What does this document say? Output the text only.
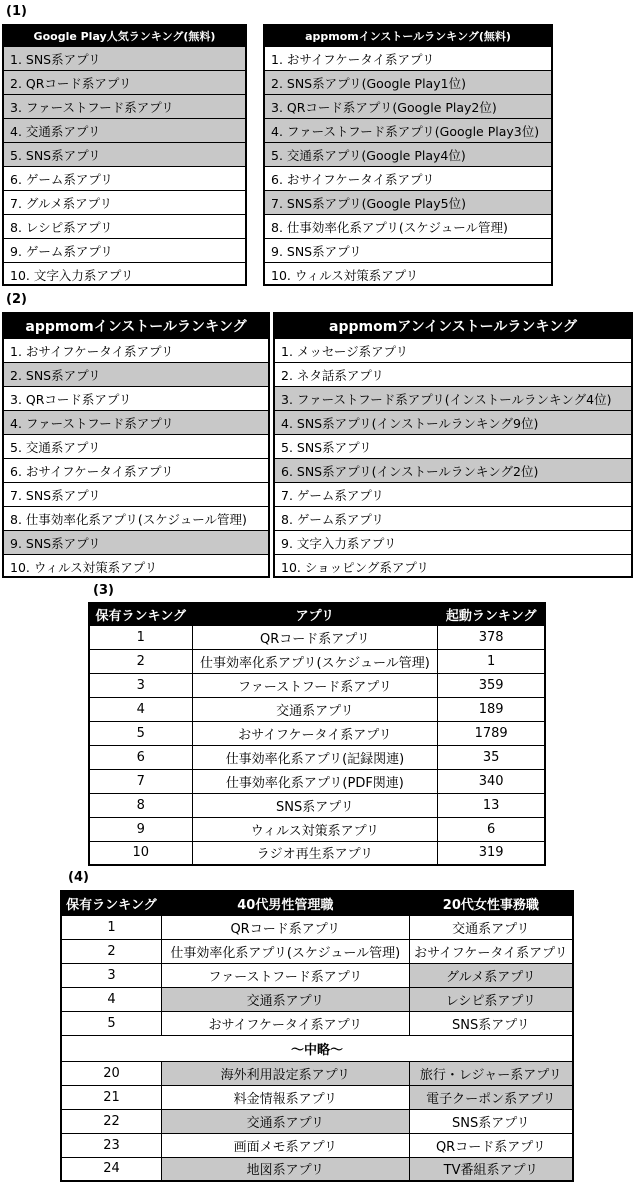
(1)
Google Play人気ランキング(無料)
1. SNS系アプリ
2. QRコード系アプリ
3. ファーストフード系アプリ
4. 交通系アプリ
5. SNS系アプリ
6. ゲーム系アプリ
7. グルメ系アプリ
8. レシピ系アプリ
9. ゲーム系アプリ
10. 文字入力系アプリ
appmomインストールランキング(無料)
1. おサイフケータイ系アプリ
2. SNS系アプリ(Google Play1位)
3. QRコード系アプリ(Google Play2位)
4. ファーストフード系アプリ(Google Play3位)
5. 交通系アプリ(Google Play4位)
6. おサイフケータイ系アプリ
7. SNS系アプリ(Google Play5位)
8. 仕事効率化系アプリ(スケジュール管理)
9. SNS系アプリ
10. ウィルス対策系アプリ
(2)
appmomインストールランキング
1. おサイフケータイ系アプリ
2. SNS系アプリ
3. QRコード系アプリ
4. ファーストフード系アプリ
5. 交通系アプリ
6. おサイフケータイ系アプリ
7. SNS系アプリ
8. 仕事効率化系アプリ(スケジュール管理)
9. SNS系アプリ
10. ウィルス対策系アプリ
appmomアンインストールランキング
1. メッセージ系アプリ
2. ネタ話系アプリ
3. ファーストフード系アプリ(インストールランキング4位)
4. SNS系アプリ(インストールランキング9位)
5. SNS系アプリ
6. SNS系アプリ(インストールランキング2位)
7. ゲーム系アプリ
8. ゲーム系アプリ
9. 文字入力系アプリ
10. ショッピング系アプリ
(3)
保有ランキング	アプリ	起動ランキング
1	QRコード系アプリ	378
2	仕事効率化系アプリ(スケジュール管理)	1
3	ファーストフード系アプリ	359
4	交通系アプリ	189
5	おサイフケータイ系アプリ	1789
6	仕事効率化系アプリ(記録関連)	35
7	仕事効率化系アプリ(PDF関連)	340
8	SNS系アプリ	13
9	ウィルス対策系アプリ	6
10	ラジオ再生系アプリ	319
(4)
保有ランキング	40代男性管理職	20代女性事務職
1	QRコード系アプリ	交通系アプリ
2	仕事効率化系アプリ(スケジュール管理)	おサイフケータイ系アプリ
3	ファーストフード系アプリ	グルメ系アプリ
4	交通系アプリ	レシピ系アプリ
5	おサイフケータイ系アプリ	SNS系アプリ
～中略～		
20	海外利用設定系アプリ	旅行・レジャー系アプリ
21	料金情報系アプリ	電子クーポン系アプリ
22	交通系アプリ	SNS系アプリ
23	画面メモ系アプリ	QRコード系アプリ
24	地図系アプリ	TV番組系アプリ
